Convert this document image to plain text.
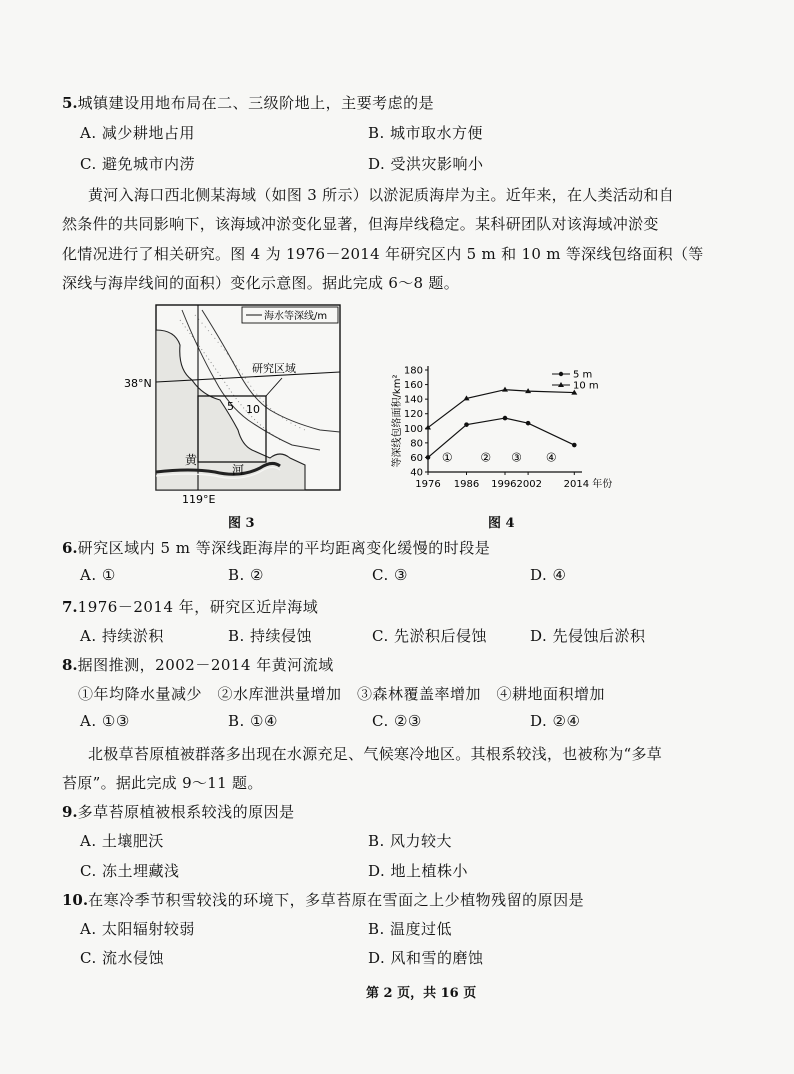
5.城镇建设用地布局在二、三级阶地上，主要考虑的是
A. 减少耕地占用	B. 城市取水方便
C. 避免城市内涝	D. 受洪灾影响小
黄河入海口西北侧某海域（如图 3 所示）以淤泥质海岸为主。近年来，在人类活动和自
然条件的共同影响下，该海域冲淤变化显著，但海岸线稳定。某科研团队对该海域冲淤变
化情况进行了相关研究。图 4 为 1976－2014 年研究区内 5 m 和 10 m 等深线包络面积（等
深线与海岸线间的面积）变化示意图。据此完成 6～8 题。
海水等深线/m
研究区域
38°N
119°E
5 10
黄
河
图 3
40
60
80
100
120
140
160
180
1976 1986 19962002 2014 年份
等深线包络面积/km²	① ② ③ ④
5 m
10 m
图 4
6.研究区域内 5 m 等深线距海岸的平均距离变化缓慢的时段是
A. ①	B. ②	C. ③	D. ④
7.1976－2014 年，研究区近岸海域
A. 持续淤积	B. 持续侵蚀	C. 先淤积后侵蚀	D. 先侵蚀后淤积
8.据图推测，2002－2014 年黄河流域
①年均降水量减少　②水库泄洪量增加　③森林覆盖率增加　④耕地面积增加
A. ①③	B. ①④	C. ②③	D. ②④
北极草苔原植被群落多出现在水源充足、气候寒冷地区。其根系较浅，也被称为“多草
苔原”。据此完成 9～11 题。
9.多草苔原植被根系较浅的原因是
A. 土壤肥沃	B. 风力较大
C. 冻土埋藏浅	D. 地上植株小
10.在寒冷季节积雪较浅的环境下，多草苔原在雪面之上少植物残留的原因是
A. 太阳辐射较弱	B. 温度过低
C. 流水侵蚀	D. 风和雪的磨蚀
第 2 页，共 16 页
